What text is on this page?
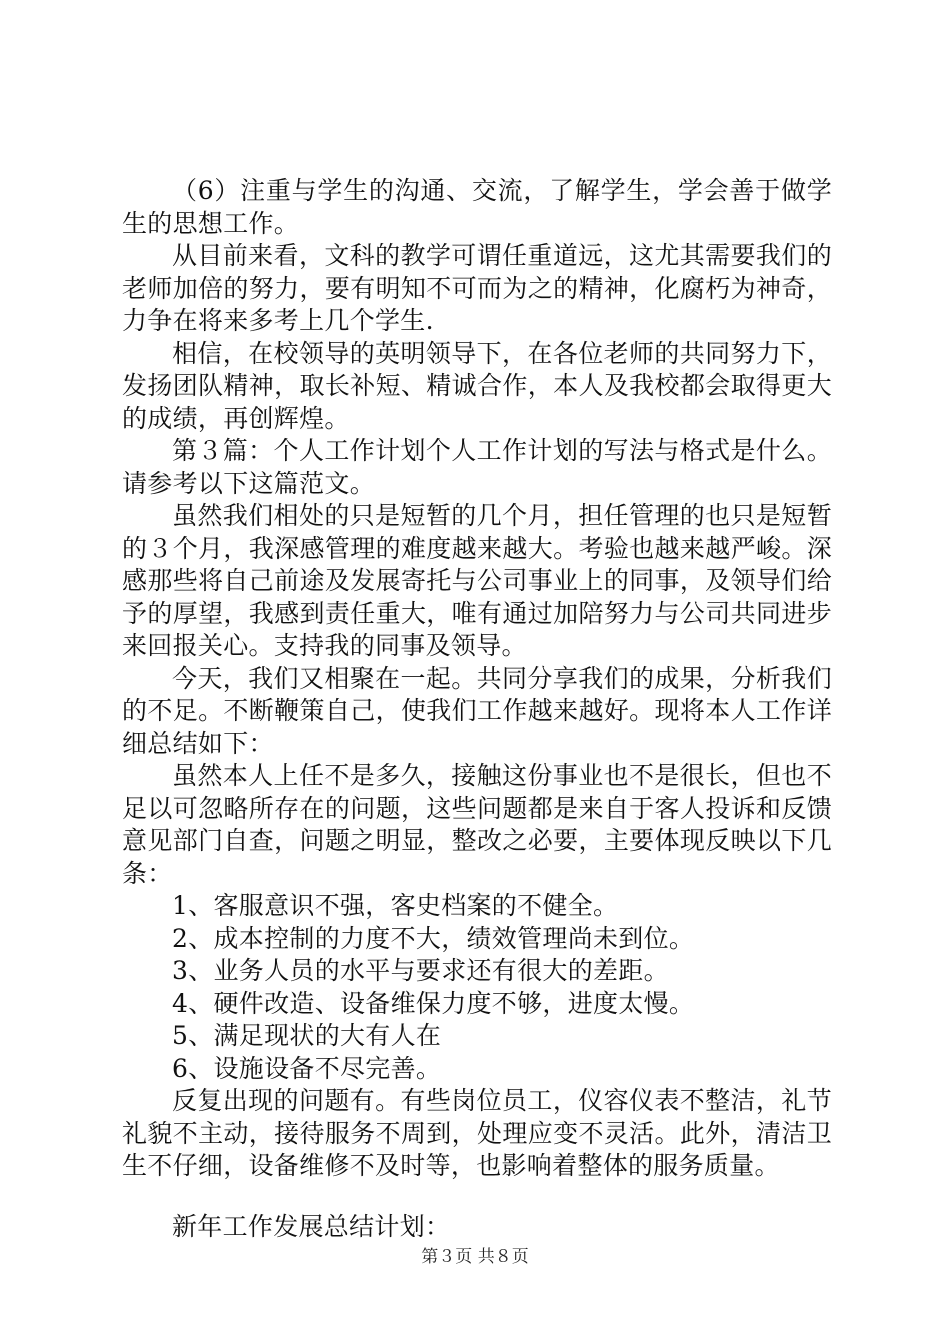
（6）注重与学生的沟通、交流，了解学生，学会善于做学生的思想工作。

从目前来看，文科的教学可谓任重道远，这尤其需要我们的老师加倍的努力，要有明知不可而为之的精神，化腐朽为神奇，力争在将来多考上几个学生.

相信，在校领导的英明领导下，在各位老师的共同努力下，发扬团队精神，取长补短、精诚合作，本人及我校都会取得更大的成绩，再创辉煌。

第３篇：个人工作计划个人工作计划的写法与格式是什么。请参考以下这篇范文。

虽然我们相处的只是短暂的几个月，担任管理的也只是短暂的３个月，我深感管理的难度越来越大。考验也越来越严峻。深感那些将自己前途及发展寄托与公司事业上的同事，及领导们给予的厚望，我感到责任重大，唯有通过加陪努力与公司共同进步来回报关心。支持我的同事及领导。

今天，我们又相聚在一起。共同分享我们的成果，分析我们的不足。不断鞭策自己，使我们工作越来越好。现将本人工作详细总结如下：

虽然本人上任不是多久，接触这份事业也不是很长，但也不足以可忽略所存在的问题，这些问题都是来自于客人投诉和反馈意见部门自查，问题之明显，整改之必要，主要体现反映以下几条：

1、客服意识不强，客史档案的不健全。

2、成本控制的力度不大，绩效管理尚未到位。

3、业务人员的水平与要求还有很大的差距。

4、硬件改造、设备维保力度不够，进度太慢。

5、满足现状的大有人在

6、设施设备不尽完善。

反复出现的问题有。有些岗位员工，仪容仪表不整洁，礼节礼貌不主动，接待服务不周到，处理应变不灵活。此外，清洁卫生不仔细，设备维修不及时等，也影响着整体的服务质量。

新年工作发展总结计划：

第３页 共８页
